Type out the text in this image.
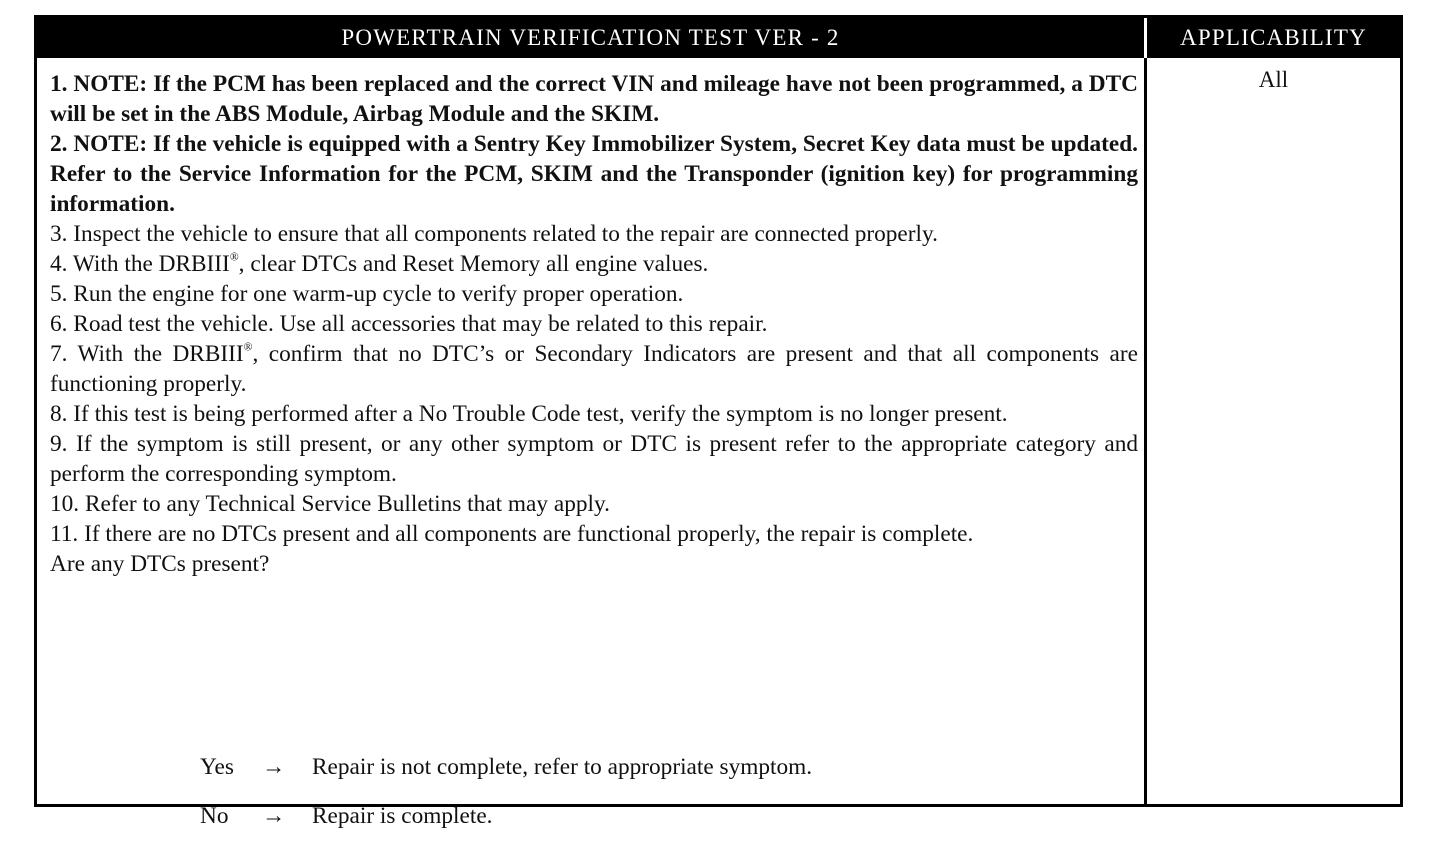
POWERTRAIN VERIFICATION TEST VER - 2	APPLICABILITY
1. NOTE: If the PCM has been replaced and the correct VIN and mileage have not been programmed, a DTC will be set in the ABS Module, Airbag Module and the SKIM.
2. NOTE: If the vehicle is equipped with a Sentry Key Immobilizer System, Secret Key data must be updated. Refer to the Service Information for the PCM, SKIM and the Transponder (ignition key) for programming information.
3. Inspect the vehicle to ensure that all components related to the repair are connected properly.
4. With the DRBIII®, clear DTCs and Reset Memory all engine values.
5. Run the engine for one warm-up cycle to verify proper operation.
6. Road test the vehicle. Use all accessories that may be related to this repair.
7. With the DRBIII®, confirm that no DTC’s or Secondary Indicators are present and that all components are functioning properly.
8. If this test is being performed after a No Trouble Code test, verify the symptom is no longer present.
9. If the symptom is still present, or any other symptom or DTC is present refer to the appropriate category and perform the corresponding symptom.
10. Refer to any Technical Service Bulletins that may apply.
11. If there are no DTCs present and all components are functional properly, the repair is complete.
Are any DTCs present?
Yes → Repair is not complete, refer to appropriate symptom.
No → Repair is complete.
All
